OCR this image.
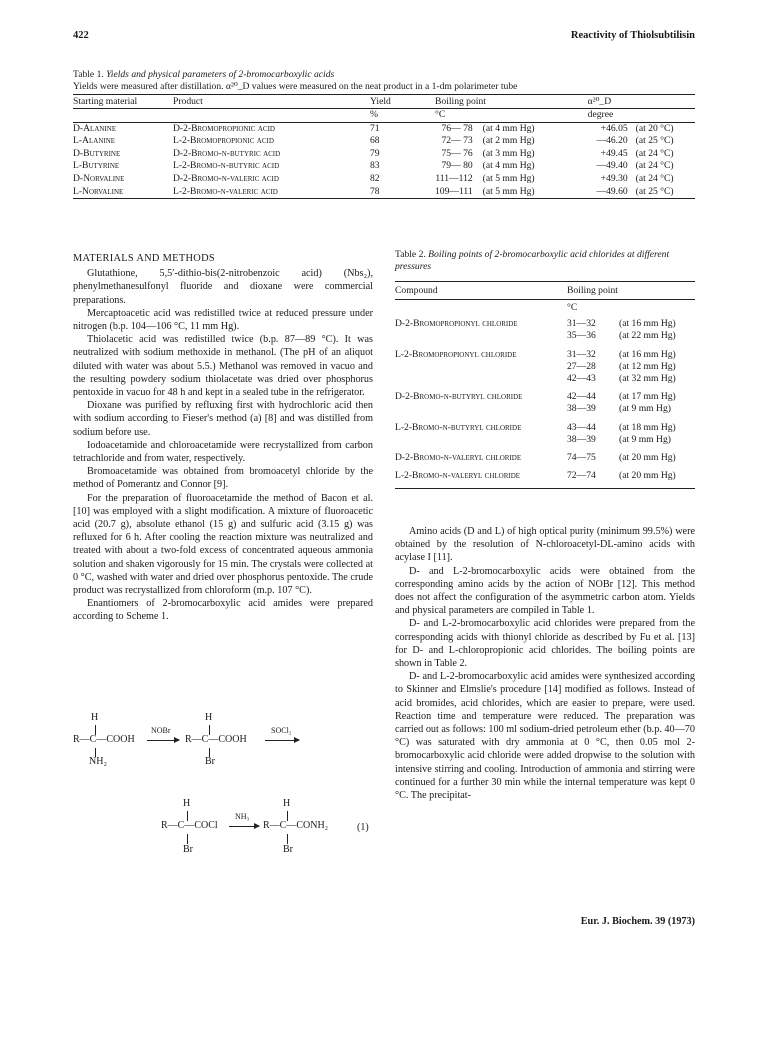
422	Reactivity of Thiolsubtilisin
Table 1. Yields and physical parameters of 2-bromocarboxylic acids
Yields were measured after distillation. α²⁰_D values were measured on the neat product in a 1-dm polarimeter tube
Starting material	Product	Yield	Boiling point		α²⁰_D	
		%	°C		degree	
D-Alanine	D-2-Bromopropionic acid	71	76— 78	(at 4 mm Hg)	+46.05	(at 20 °C)
L-Alanine	L-2-Bromopropionic acid	68	72— 73	(at 2 mm Hg)	—46.20	(at 25 °C)
D-Butyrine	D-2-Bromo-n-butyric acid	79	75— 76	(at 3 mm Hg)	+49.45	(at 24 °C)
L-Butyrine	L-2-Bromo-n-butyric acid	83	79— 80	(at 4 mm Hg)	—49.40	(at 24 °C)
D-Norvaline	D-2-Bromo-n-valeric acid	82	111—112	(at 5 mm Hg)	+49.30	(at 24 °C)
L-Norvaline	L-2-Bromo-n-valeric acid	78	109—111	(at 5 mm Hg)	—49.60	(at 25 °C)
MATERIALS AND METHODS

Glutathione, 5,5′-dithio-bis(2-nitrobenzoic acid) (Nbs₂), phenylmethanesulfonyl fluoride and dioxane were commercial preparations.

Mercaptoacetic acid was redistilled twice at reduced pressure under nitrogen (b.p. 104—106 °C, 11 mm Hg).

Thiolacetic acid was redistilled twice (b.p. 87—89 °C). It was neutralized with sodium methoxide in methanol. (The pH of an aliquot diluted with water was about 5.5.) Methanol was removed in vacuo and the resulting powdery sodium thiolacetate was dried over phosphorus pentoxide in vacuo for 48 h and kept in a sealed tube in the refrigerator.

Dioxane was purified by refluxing first with hydrochloric acid then with sodium according to Fieser's method (a) [8] and was distilled from sodium before use.

Iodoacetamide and chloroacetamide were recrystallized from carbon tetrachloride and from water, respectively.

Bromoacetamide was obtained from bromoacetyl chloride by the method of Pomerantz and Connor [9].

For the preparation of fluoroacetamide the method of Bacon et al. [10] was employed with a slight modification. A mixture of fluoroacetic acid (20.7 g), absolute ethanol (15 g) and sulfuric acid (3.15 g) was refluxed for 6 h. After cooling the reaction mixture was neutralized and treated with about a two-fold excess of concentrated aqueous ammonia solution and shaken vigorously for 15 min. The crystals were collected at 0 °C, washed with water and dried over phosphorus pentoxide. The crude product was recrystallized from chloroform (m.p. 107 °C).

Enantiomers of 2-bromocarboxylic acid amides were prepared according to Scheme 1.

H
R—C—COOH
NH₂
NOBr
H
R—C—COOH
Br
SOCl₂
H
R—C—COCl
Br
NH₃
H
R—C—CONH₂
Br
(1)
Table 2. Boiling points of 2-bromocarboxylic acid chlorides at different pressures
Compound	Boiling point	
	°C	
D-2-Bromopropionyl chloride	31—32	(at 16 mm Hg)
	35—36	(at 22 mm Hg)
L-2-Bromopropionyl chloride	31—32	(at 16 mm Hg)
	27—28	(at 12 mm Hg)
	42—43	(at 32 mm Hg)
D-2-Bromo-n-butyryl chloride	42—44	(at 17 mm Hg)
	38—39	(at 9 mm Hg)
L-2-Bromo-n-butyryl chloride	43—44	(at 18 mm Hg)
	38—39	(at 9 mm Hg)
D-2-Bromo-n-valeryl chloride	74—75	(at 20 mm Hg)
L-2-Bromo-n-valeryl chloride	72—74	(at 20 mm Hg)

Amino acids (D and L) of high optical purity (minimum 99.5%) were obtained by the resolution of N-chloroacetyl-DL-amino acids with acylase I [11].

D- and L-2-bromocarboxylic acids were obtained from the corresponding amino acids by the action of NOBr [12]. This method does not affect the configuration of the asymmetric carbon atom. Yields and physical parameters are compiled in Table 1.

D- and L-2-bromocarboxylic acid chlorides were prepared from the corresponding acids with thionyl chloride as described by Fu et al. [13] for D- and L-chloropropionic acid chlorides. The boiling points are shown in Table 2.

D- and L-2-bromocarboxylic acid amides were synthesized according to Skinner and Elmslie's procedure [14] modified as follows. Instead of acid bromides, acid chlorides, which are easier to prepare, were used. Reaction time and temperature were reduced. The preparation was carried out as follows: 100 ml sodium-dried petroleum ether (b.p. 40—70 °C) was saturated with dry ammonia at 0 °C, then 0.05 mol 2-bromocarboxylic acid chloride were added dropwise to the solution with intensive stirring and cooling. Introduction of ammonia and stirring were continued for a further 30 min while the internal temperature was kept 0 °C. The precipitat-

Eur. J. Biochem. 39 (1973)
